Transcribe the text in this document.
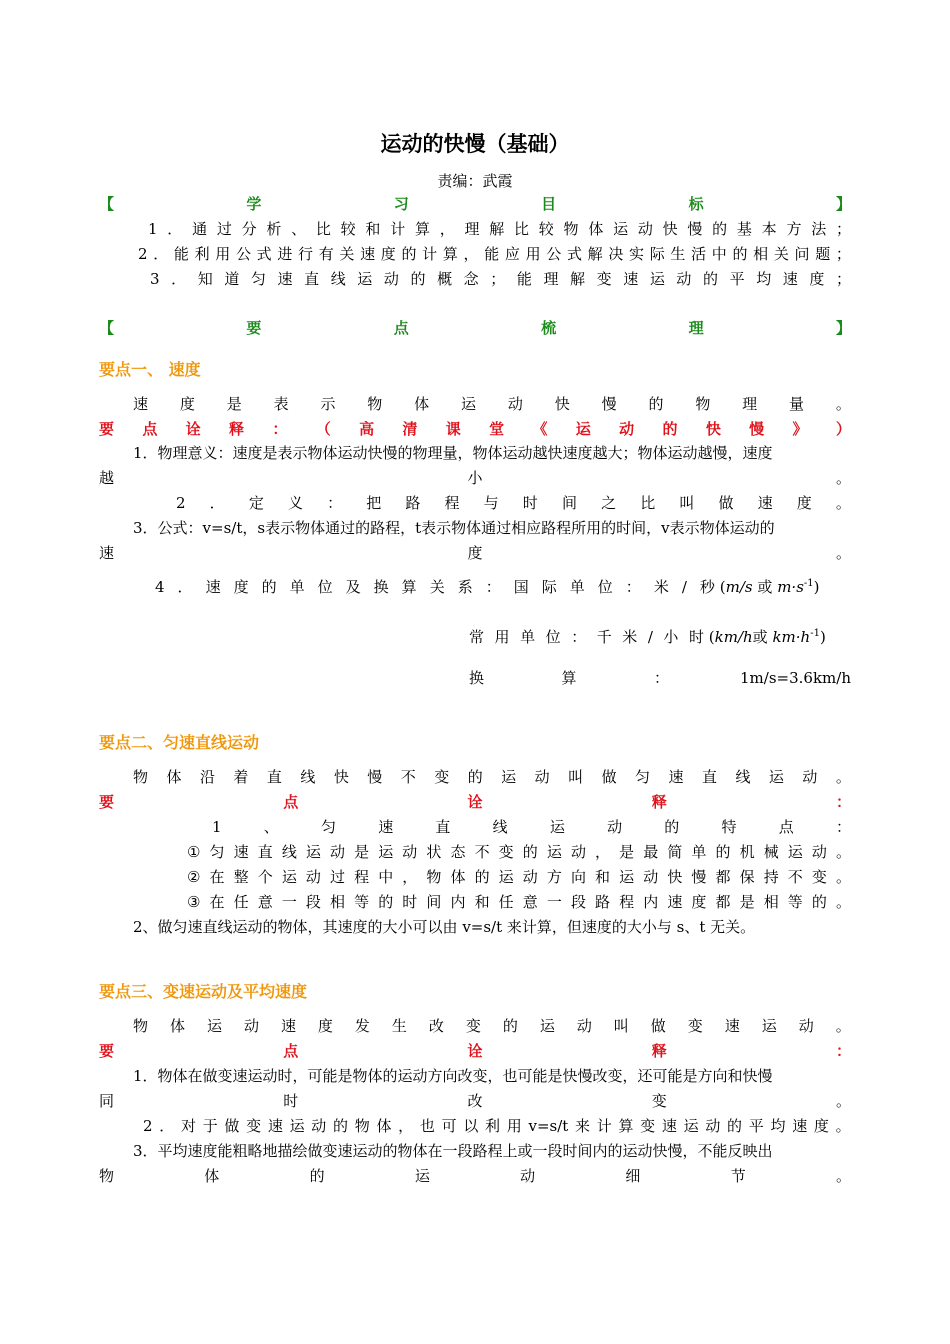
运动的快慢（基础）
责编：武霞
【	学	习	目	标	】
1 ． 通 过 分 析 、 比 较 和 计 算 ， 理 解 比 较 物 体 运 动 快 慢 的 基 本 方 法 ；
2 ． 能 利 用 公 式 进 行 有 关 速 度 的 计 算 ， 能 应 用 公 式 解 决 实 际 生 活 中 的 相 关 问 题 ；
3 ． 知 道 匀 速 直 线 运 动 的 概 念 ； 能 理 解 变 速 运 动 的 平 均 速 度 ；
【	要	点	梳	理	】
要点一、 速度
速 度 是 表 示 物 体 运 动 快 慢 的 物 理 量 。
要 点 诠 释 ： （ 高 清 课 堂 《 运 动 的 快 慢 》 ）
1．物理意义：速度是表示物体运动快慢的物理量，物体运动越快速度越大；物体运动越慢，速度
越	小	。
2 ． 定 义 ： 把 路 程 与 时 间 之 比 叫 做 速 度 。
3．公式：v=s/t，s表示物体通过的路程，t表示物体通过相应路程所用的时间，v表示物体运动的
速	度	。
4 ． 速 度 的 单 位 及 换 算 关 系 ： 国 际 单 位 ： 米 / 秒 (m/s 或 $m\cdot s^{-1}$)
常 用 单 位 ： 千 米 / 小 时 (km/h或 $km\cdot h^{-1}$)
换	算	：	1m/s=3.6km/h
要点二、匀速直线运动
物 体 沿 着 直 线 快 慢 不 变 的 运 动 叫 做 匀 速 直 线 运 动 。
要	点	诠	释	：
1	、	匀	速	直	线	运	动	的	特	点	：
① 匀 速 直 线 运 动 是 运 动 状 态 不 变 的 运 动 ， 是 最 简 单 的 机 械 运 动 。
② 在 整 个 运 动 过 程 中 ， 物 体 的 运 动 方 向 和 运 动 快 慢 都 保 持 不 变 。
③ 在 任 意 一 段 相 等 的 时 间 内 和 任 意 一 段 路 程 内 速 度 都 是 相 等 的 。
2、做匀速直线运动的物体，其速度的大小可以由 v=s/t 来计算，但速度的大小与 s、t 无关。
要点三、变速运动及平均速度
物 体 运 动 速 度 发 生 改 变 的 运 动 叫 做 变 速 运 动 。
要	点	诠	释	：
1．物体在做变速运动时，可能是物体的运动方向改变，也可能是快慢改变，还可能是方向和快慢
同	时	改	变	。
2 ． 对 于 做 变 速 运 动 的 物 体 ， 也 可 以 利 用 v=s/t 来 计 算 变 速 运 动 的 平 均 速 度 。
3．平均速度能粗略地描绘做变速运动的物体在一段路程上或一段时间内的运动快慢，不能反映出
物	体	的	运	动	细	节	。
